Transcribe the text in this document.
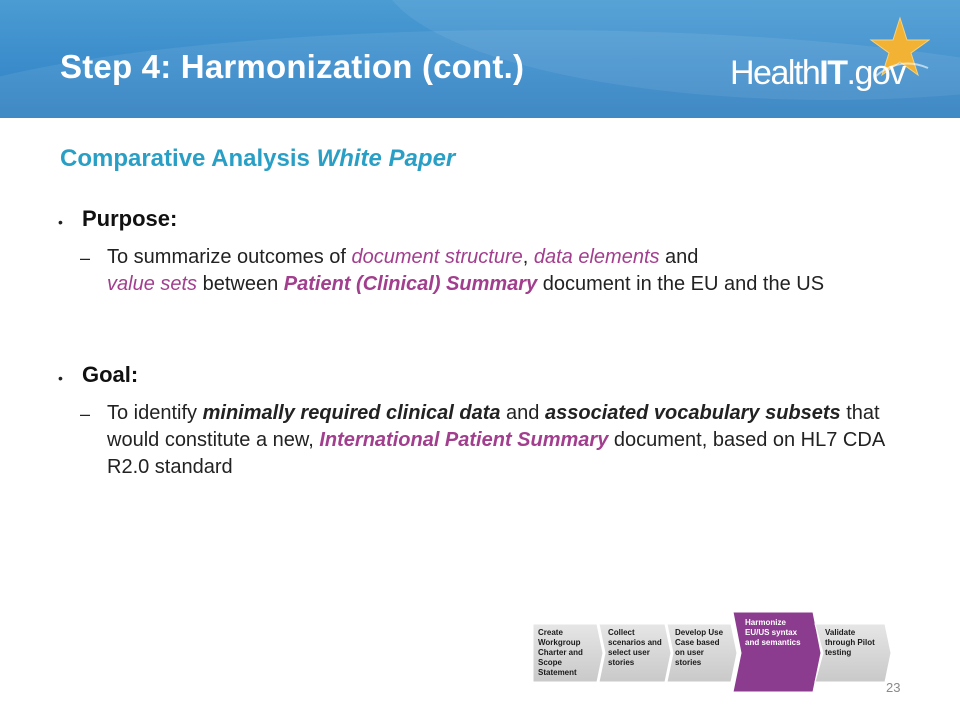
Step 4: Harmonization (cont.)	HealthIT.gov
Comparative Analysis White Paper
• Purpose:
– To summarize outcomes of document structure, data elements and
value sets between Patient (Clinical) Summary document in the EU and the US
• Goal:
– To identify minimally required clinical data and associated vocabulary subsets that would constitute a new, International Patient Summary document, based on HL7 CDA R2.0 standard
Create
Workgroup
Charter and
Scope
Statement
Collect
scenarios and
select user
stories
Develop Use
Case based
on user
stories
Harmonize
EU/US syntax
and semantics
Validate
through Pilot
testing
23
